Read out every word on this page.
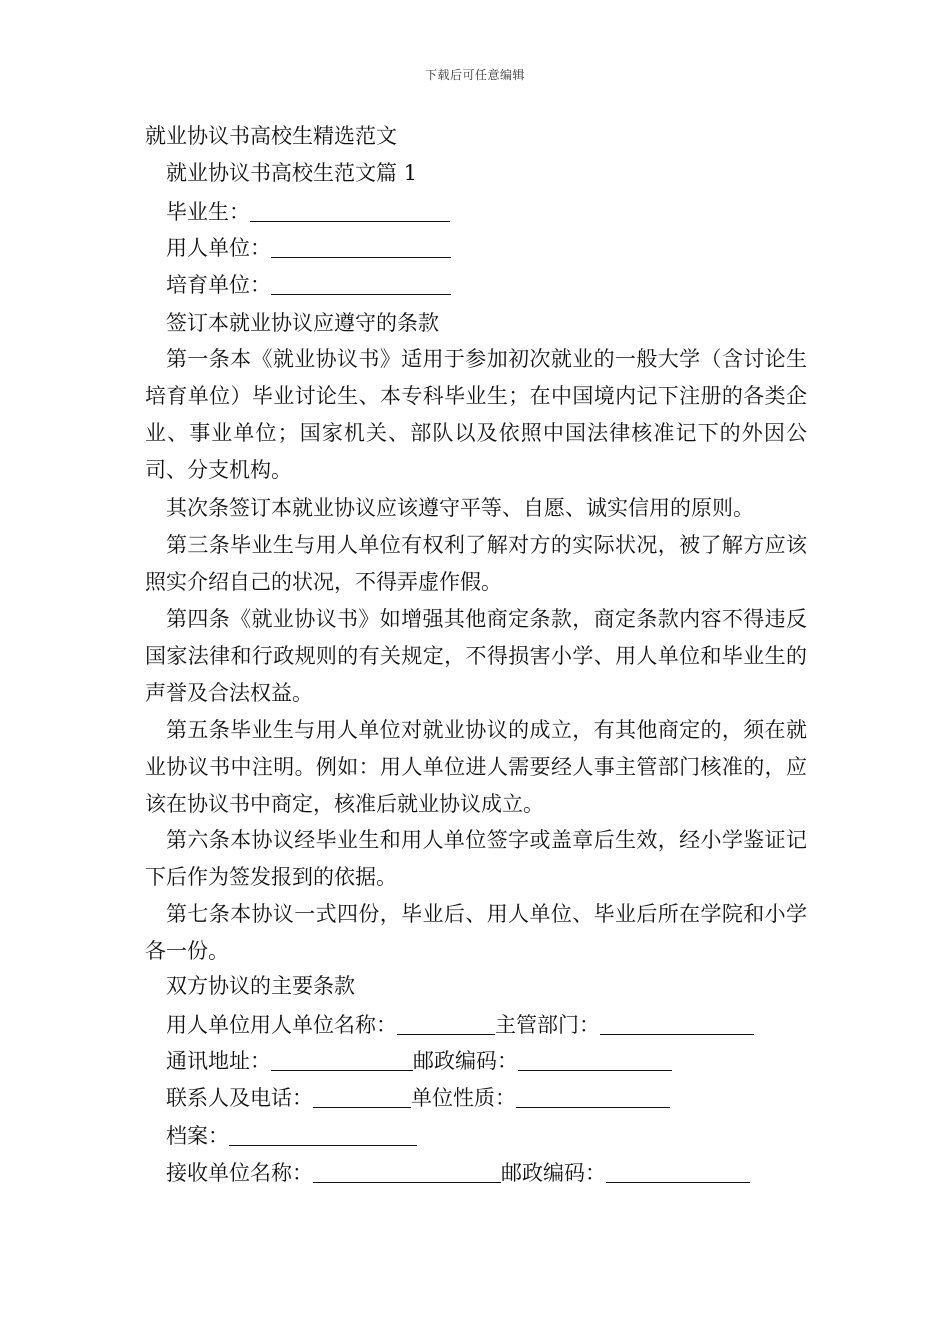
下载后可任意编辑
就业协议书高校生精选范文
就业协议书高校生范文篇 1
毕业生：
用人单位：
培育单位：
签订本就业协议应遵守的条款
第一条本《就业协议书》适用于参加初次就业的一般大学（含讨论生培育单位）毕业讨论生、本专科毕业生；在中国境内记下注册的各类企业、事业单位；国家机关、部队以及依照中国法律核准记下的外因公司、分支机构。
其次条签订本就业协议应该遵守平等、自愿、诚实信用的原则。
第三条毕业生与用人单位有权利了解对方的实际状况，被了解方应该照实介绍自己的状况，不得弄虚作假。
第四条《就业协议书》如增强其他商定条款，商定条款内容不得违反国家法律和行政规则的有关规定，不得损害小学、用人单位和毕业生的声誉及合法权益。
第五条毕业生与用人单位对就业协议的成立，有其他商定的，须在就业协议书中注明。例如：用人单位进人需要经人事主管部门核准的，应该在协议书中商定，核准后就业协议成立。
第六条本协议经毕业生和用人单位签字或盖章后生效，经小学鉴证记下后作为签发报到的依据。
第七条本协议一式四份，毕业后、用人单位、毕业后所在学院和小学各一份。
双方协议的主要条款
用人单位用人单位名称：	主管部门：
通讯地址：	邮政编码：
联系人及电话：	单位性质：
档案：
接收单位名称：	邮政编码：
